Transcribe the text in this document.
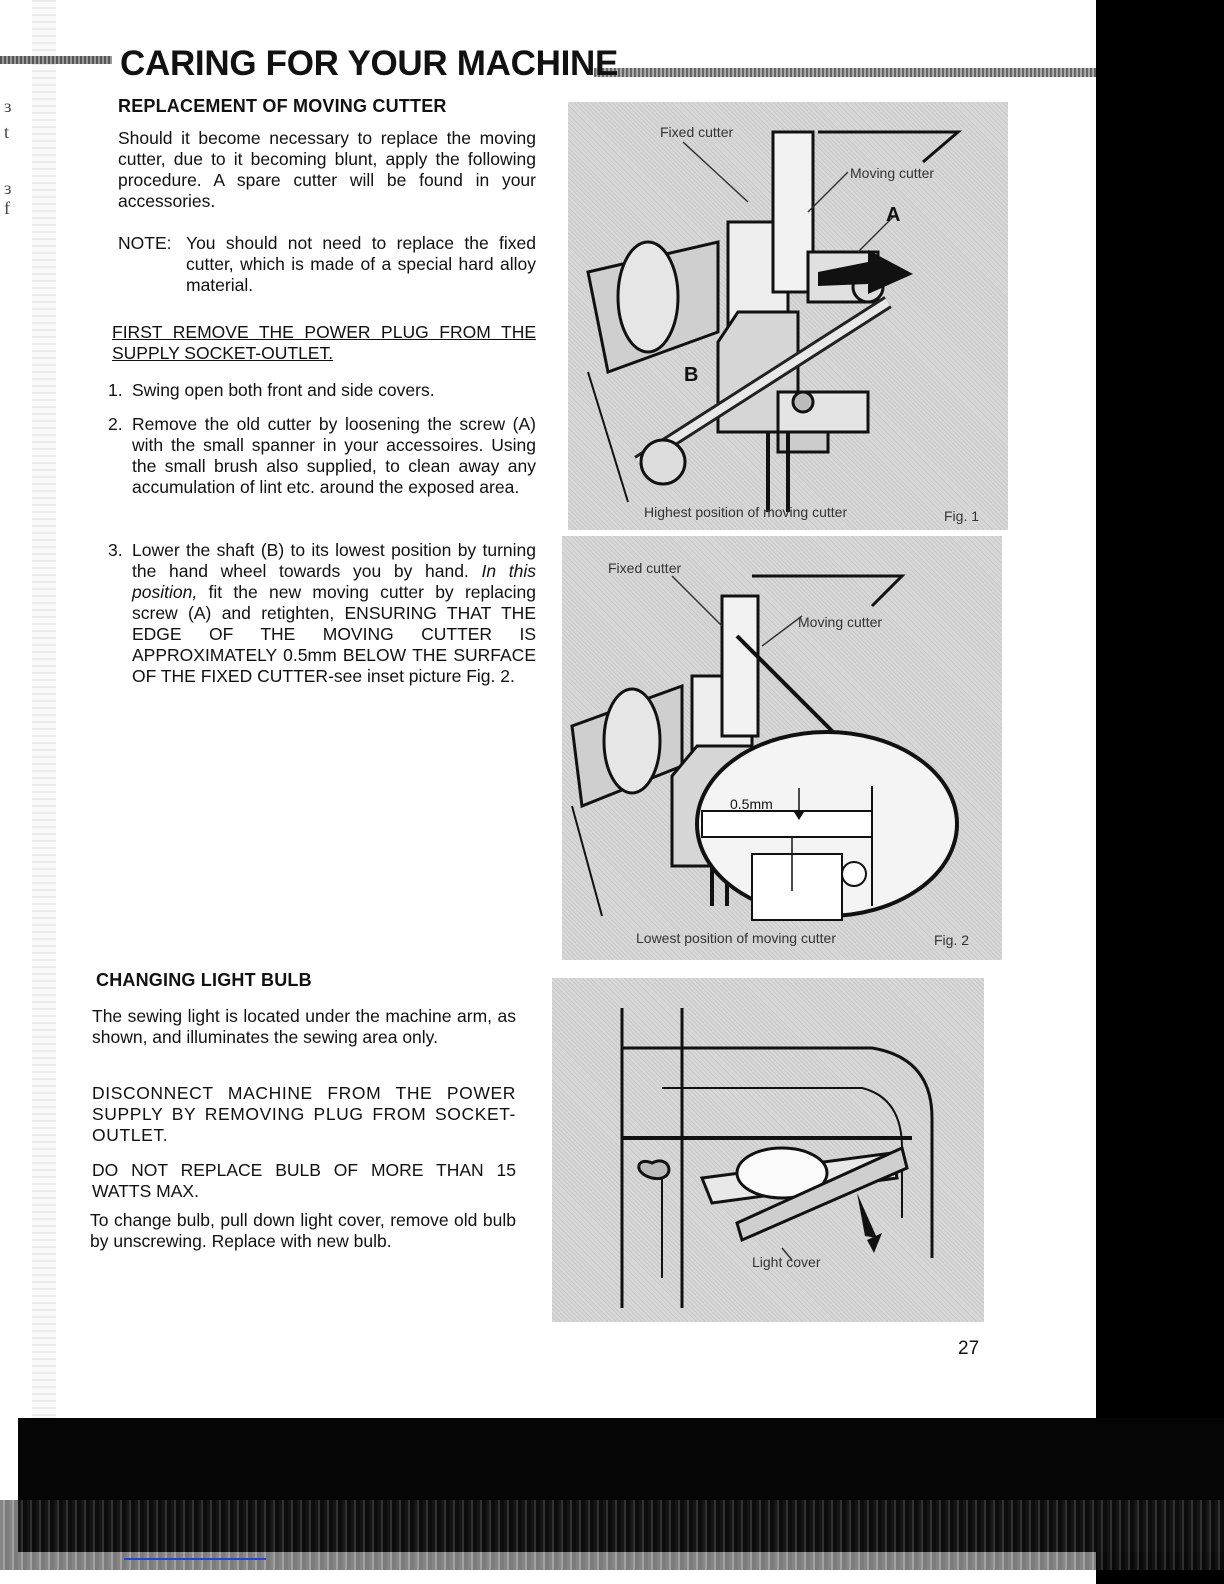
ɜ
t
ɜ
f
CARING FOR YOUR MACHINE
REPLACEMENT OF MOVING CUTTER
Should it become necessary to replace the moving cutter, due to it becoming blunt, apply the following procedure. A spare cutter will be found in your accessories.
NOTE: You should not need to replace the fixed cutter, which is made of a special hard alloy material.
FIRST REMOVE THE POWER PLUG FROM THE SUPPLY SOCKET-OUTLET.
1. Swing open both front and side covers.
2. Remove the old cutter by loosening the screw (A) with the small spanner in your accessoires. Using the small brush also supplied, to clean away any accumulation of lint etc. around the exposed area.
3. Lower the shaft (B) to its lowest position by turning the hand wheel towards you by hand. In this position, fit the new moving cutter by replacing screw (A) and retighten, ENSURING THAT THE EDGE OF THE MOVING CUTTER IS APPROXIMATELY 0.5mm BELOW THE SURFACE OF THE FIXED CUTTER-see inset picture Fig. 2.
CHANGING LIGHT BULB
The sewing light is located under the machine arm, as shown, and illuminates the sewing area only.
DISCONNECT MACHINE FROM THE POWER SUPPLY BY REMOVING PLUG FROM SOCKET-OUTLET.
DO NOT REPLACE BULB OF MORE THAN 15 WATTS MAX.
To change bulb, pull down light cover, remove old bulb by unscrewing. Replace with new bulb.
Fixed cutter
Moving cutter
A
B
Highest position of moving cutter	Fig. 1
Fixed cutter
Moving cutter
0.5mm
Lowest position of moving cutter	Fig. 2
Light cover
27
